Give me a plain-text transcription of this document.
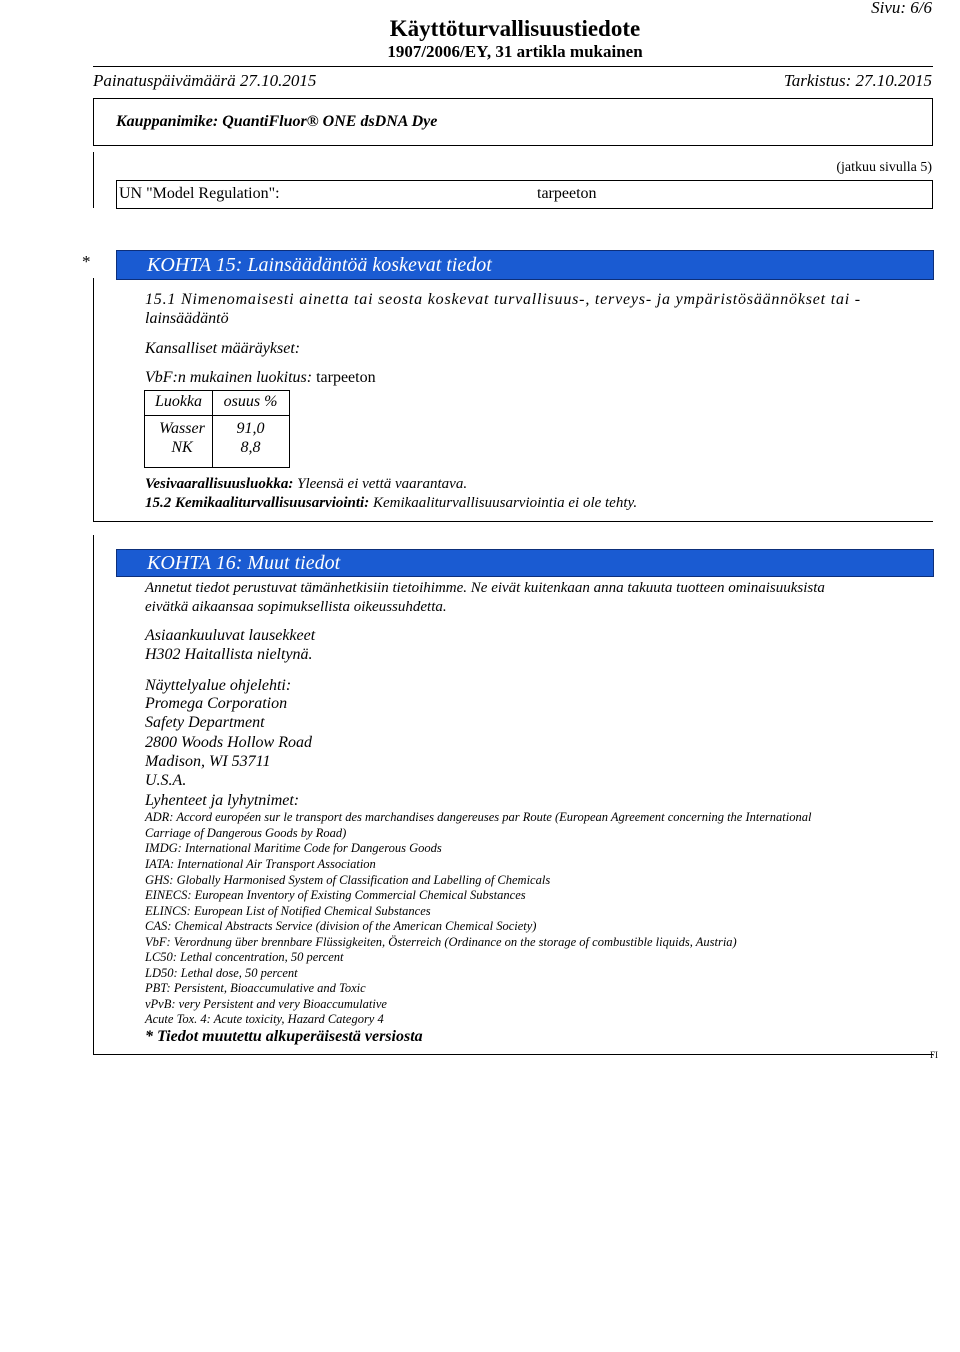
Sivu: 6/6
Käyttöturvallisuustiedote
1907/2006/EY, 31 artikla mukainen
Painatuspäivämäärä 27.10.2015	Tarkistus: 27.10.2015
Kauppanimike: QuantiFluor® ONE dsDNA Dye
(jatkuu sivulla 5)
UN "Model Regulation":	tarpeeton
*	KOHTA 15: Lainsäädäntöä koskevat tiedot
15.1 Nimenomaisesti ainetta tai seosta koskevat turvallisuus-, terveys- ja ympäristösäännökset tai -
lainsäädäntö
Kansalliset määräykset:
VbF:n mukainen luokitus: tarpeeton
Luokka	osuus %
Wasser	91,0
NK	8,8
Vesivaarallisuusluokka: Yleensä ei vettä vaarantava.
15.2 Kemikaaliturvallisuusarviointi: Kemikaaliturvallisuusarviointia ei ole tehty.
KOHTA 16: Muut tiedot
Annetut tiedot perustuvat tämänhetkisiin tietoihimme. Ne eivät kuitenkaan anna takuuta tuotteen ominaisuuksista
eivätkä aikaansaa sopimuksellista oikeussuhdetta.
Asiaankuuluvat lausekkeet
H302 Haitallista nieltynä.
Näyttelyalue ohjelehti:
Promega Corporation
Safety Department
2800 Woods Hollow Road
Madison, WI 53711
U.S.A.
Lyhenteet ja lyhytnimet:
ADR: Accord européen sur le transport des marchandises dangereuses par Route (European Agreement concerning the International
Carriage of Dangerous Goods by Road)
IMDG: International Maritime Code for Dangerous Goods
IATA: International Air Transport Association
GHS: Globally Harmonised System of Classification and Labelling of Chemicals
EINECS: European Inventory of Existing Commercial Chemical Substances
ELINCS: European List of Notified Chemical Substances
CAS: Chemical Abstracts Service (division of the American Chemical Society)
VbF: Verordnung über brennbare Flüssigkeiten, Österreich (Ordinance on the storage of combustible liquids, Austria)
LC50: Lethal concentration, 50 percent
LD50: Lethal dose, 50 percent
PBT: Persistent, Bioaccumulative and Toxic
vPvB: very Persistent and very Bioaccumulative
Acute Tox. 4: Acute toxicity, Hazard Category 4
* Tiedot muutettu alkuperäisestä versiosta
FI
